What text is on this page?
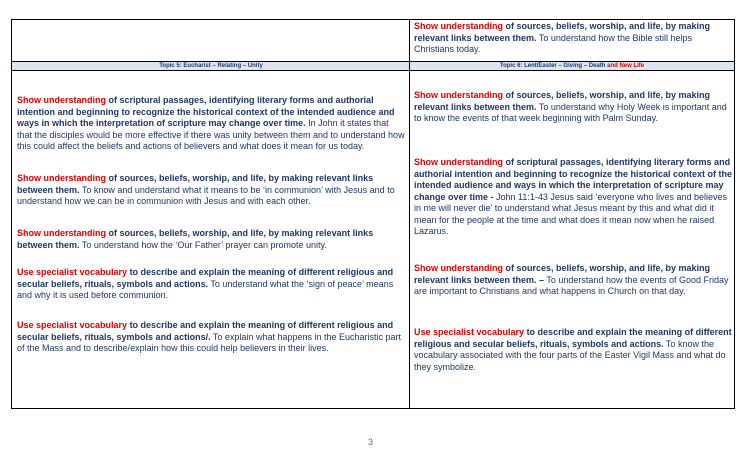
Show understanding of sources, beliefs, worship, and life, by making relevant links between them. To understand how the Bible still helps Christians today.

Topic 5: Eucharist – Relating – Unity	Topic 6: Lent/Easter – Giving – Death and New Life

Show understanding of scriptural passages, identifying literary forms and authorial intention and beginning to recognize the historical context of the intended audience and ways in which the interpretation of scripture may change over time. In John it states that that the disciples would be more effective if there was unity between them and to understand how this could affect the beliefs and actions of believers and what does it mean for us today.

Show understanding of sources, beliefs, worship, and life, by making relevant links between them. To know and understand what it means to be ‘in communion’ with Jesus and to understand how we can be in communion with Jesus and with each other.

Show understanding of sources, beliefs, worship, and life, by making relevant links between them. To understand how the ‘Our Father’ prayer can promote unity.

Use specialist vocabulary to describe and explain the meaning of different religious and secular beliefs, rituals, symbols and actions. To understand what the ‘sign of peace’ means and why it is used before communion.

Use specialist vocabulary to describe and explain the meaning of different religious and secular beliefs, rituals, symbols and actions/. To explain what happens in the Eucharistic part of the Mass and to describe/explain how this could help believers in their lives.

Show understanding of sources, beliefs, worship, and life, by making relevant links between them. To understand why Holy Week is important and to know the events of that week beginning with Palm Sunday.

Show understanding of scriptural passages, identifying literary forms and authorial intention and beginning to recognize the historical context of the intended audience and ways in which the interpretation of scripture may change over time - John 11:1-43 Jesus said ‘everyone who lives and believes in me will never die’ to understand what Jesus meant by this and what did it mean for the people at the time and what does it mean now when he raised Lazarus.

Show understanding of sources, beliefs, worship, and life, by making relevant links between them. – To understand how the events of Good Friday are important to Christians and what happens in Church on that day.

Use specialist vocabulary to describe and explain the meaning of different religious and secular beliefs, rituals, symbols and actions. To know the vocabulary associated with the four parts of the Easter Vigil Mass and what do they symbolize.

3
